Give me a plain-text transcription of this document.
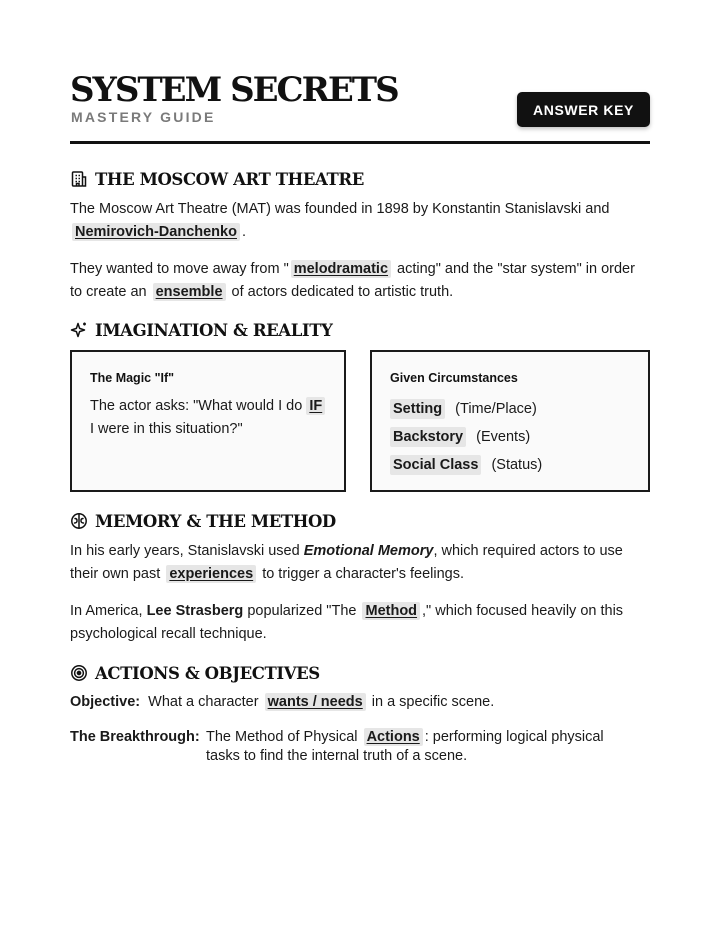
SYSTEM SECRETS
MASTERY GUIDE	ANSWER KEY
THE MOSCOW ART THEATRE
The Moscow Art Theatre (MAT) was founded in 1898 by Konstantin Stanislavski and Nemirovich-Danchenko .
They wanted to move away from " melodramatic acting" and the "star system" in order to create an ensemble of actors dedicated to artistic truth.
IMAGINATION & REALITY
The Magic "If"
The actor asks: "What would I do IF I were in this situation?"
Given Circumstances
Setting (Time/Place)
Backstory (Events)
Social Class (Status)
MEMORY & THE METHOD
In his early years, Stanislavski used Emotional Memory, which required actors to use their own past experiences to trigger a character's feelings.
In America, Lee Strasberg popularized "The Method ," which focused heavily on this psychological recall technique.
ACTIONS & OBJECTIVES
Objective: What a character wants / needs in a specific scene.
The Breakthrough: The Method of Physical Actions : performing logical physical tasks to find the internal truth of a scene.
